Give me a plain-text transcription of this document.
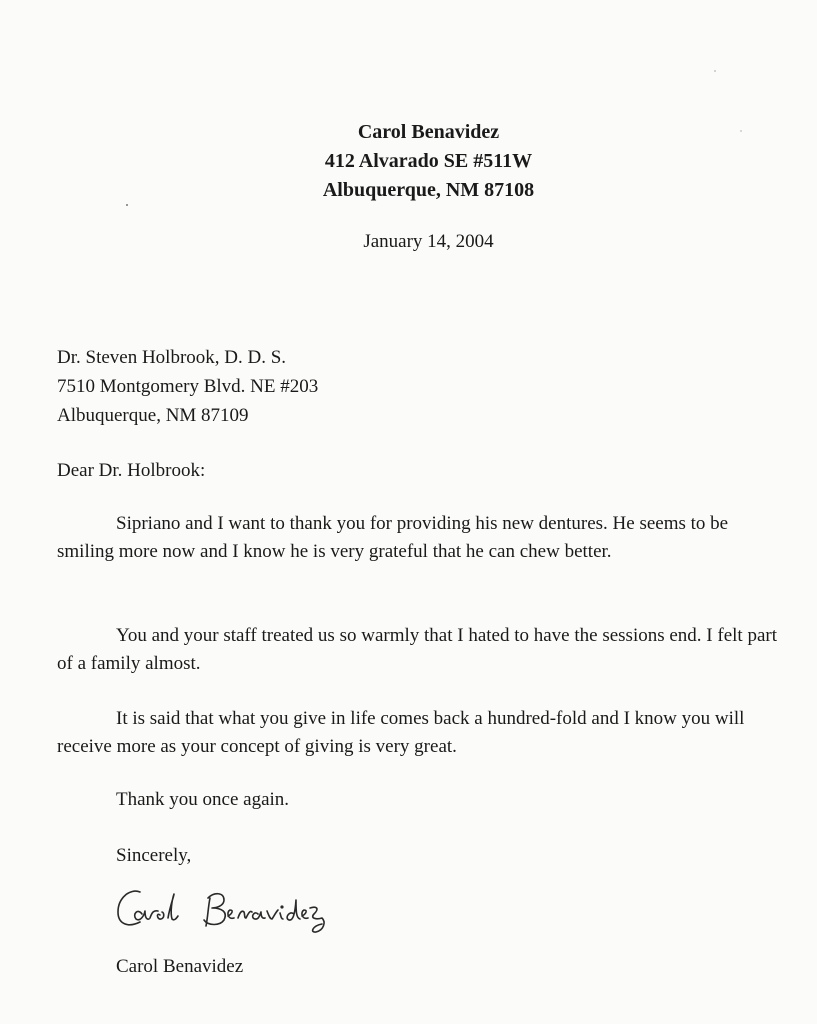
Carol Benavidez
412 Alvarado SE #511W
Albuquerque, NM 87108
January 14, 2004
Dr. Steven Holbrook, D. D. S.
7510 Montgomery Blvd. NE #203
Albuquerque, NM 87109
Dear Dr. Holbrook:
Sipriano and I want to thank you for providing his new dentures. He seems to be smiling more now and I know he is very grateful that he can chew better.
You and your staff treated us so warmly that I hated to have the sessions end. I felt part of a family almost.
It is said that what you give in life comes back a hundred-fold and I know you will receive more as your concept of giving is very great.
Thank you once again.
Sincerely,
Carol Benavidez
